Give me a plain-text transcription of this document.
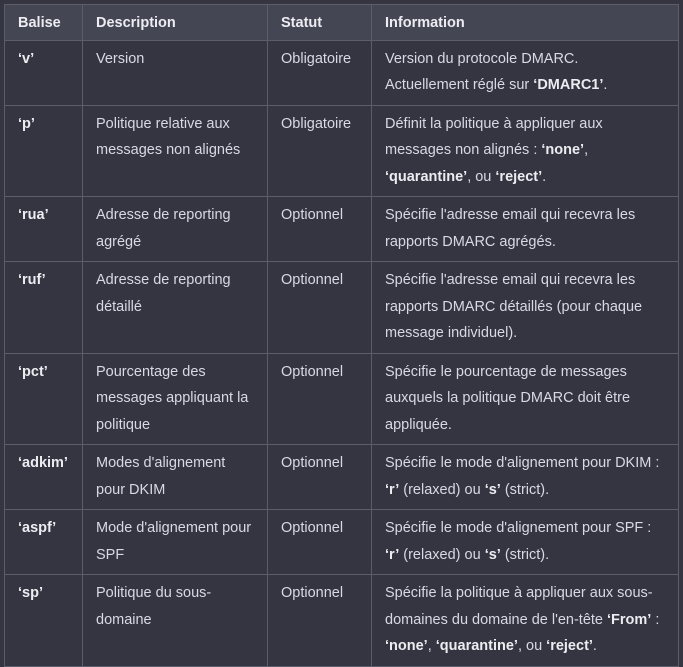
Balise	Description	Statut	Information
‘v’	Version	Obligatoire	Version du protocole DMARC. Actuellement réglé sur ‘DMARC1’.
‘p’	Politique relative aux messages non alignés	Obligatoire	Définit la politique à appliquer aux messages non alignés : ‘none’, ‘quarantine’, ou ‘reject’.
‘rua’	Adresse de reporting agrégé	Optionnel	Spécifie l'adresse email qui recevra les rapports DMARC agrégés.
‘ruf’	Adresse de reporting détaillé	Optionnel	Spécifie l'adresse email qui recevra les rapports DMARC détaillés (pour chaque message individuel).
‘pct’	Pourcentage des messages appliquant la politique	Optionnel	Spécifie le pourcentage de messages auxquels la politique DMARC doit être appliquée.
‘adkim’	Modes d'alignement pour DKIM	Optionnel	Spécifie le mode d'alignement pour DKIM : ‘r’ (relaxed) ou ‘s’ (strict).
‘aspf’	Mode d'alignement pour SPF	Optionnel	Spécifie le mode d'alignement pour SPF : ‘r’ (relaxed) ou ‘s’ (strict).
‘sp’	Politique du sous-domaine	Optionnel	Spécifie la politique à appliquer aux sous-domaines du domaine de l'en-tête ‘From’ : ‘none’, ‘quarantine’, ou ‘reject’.
